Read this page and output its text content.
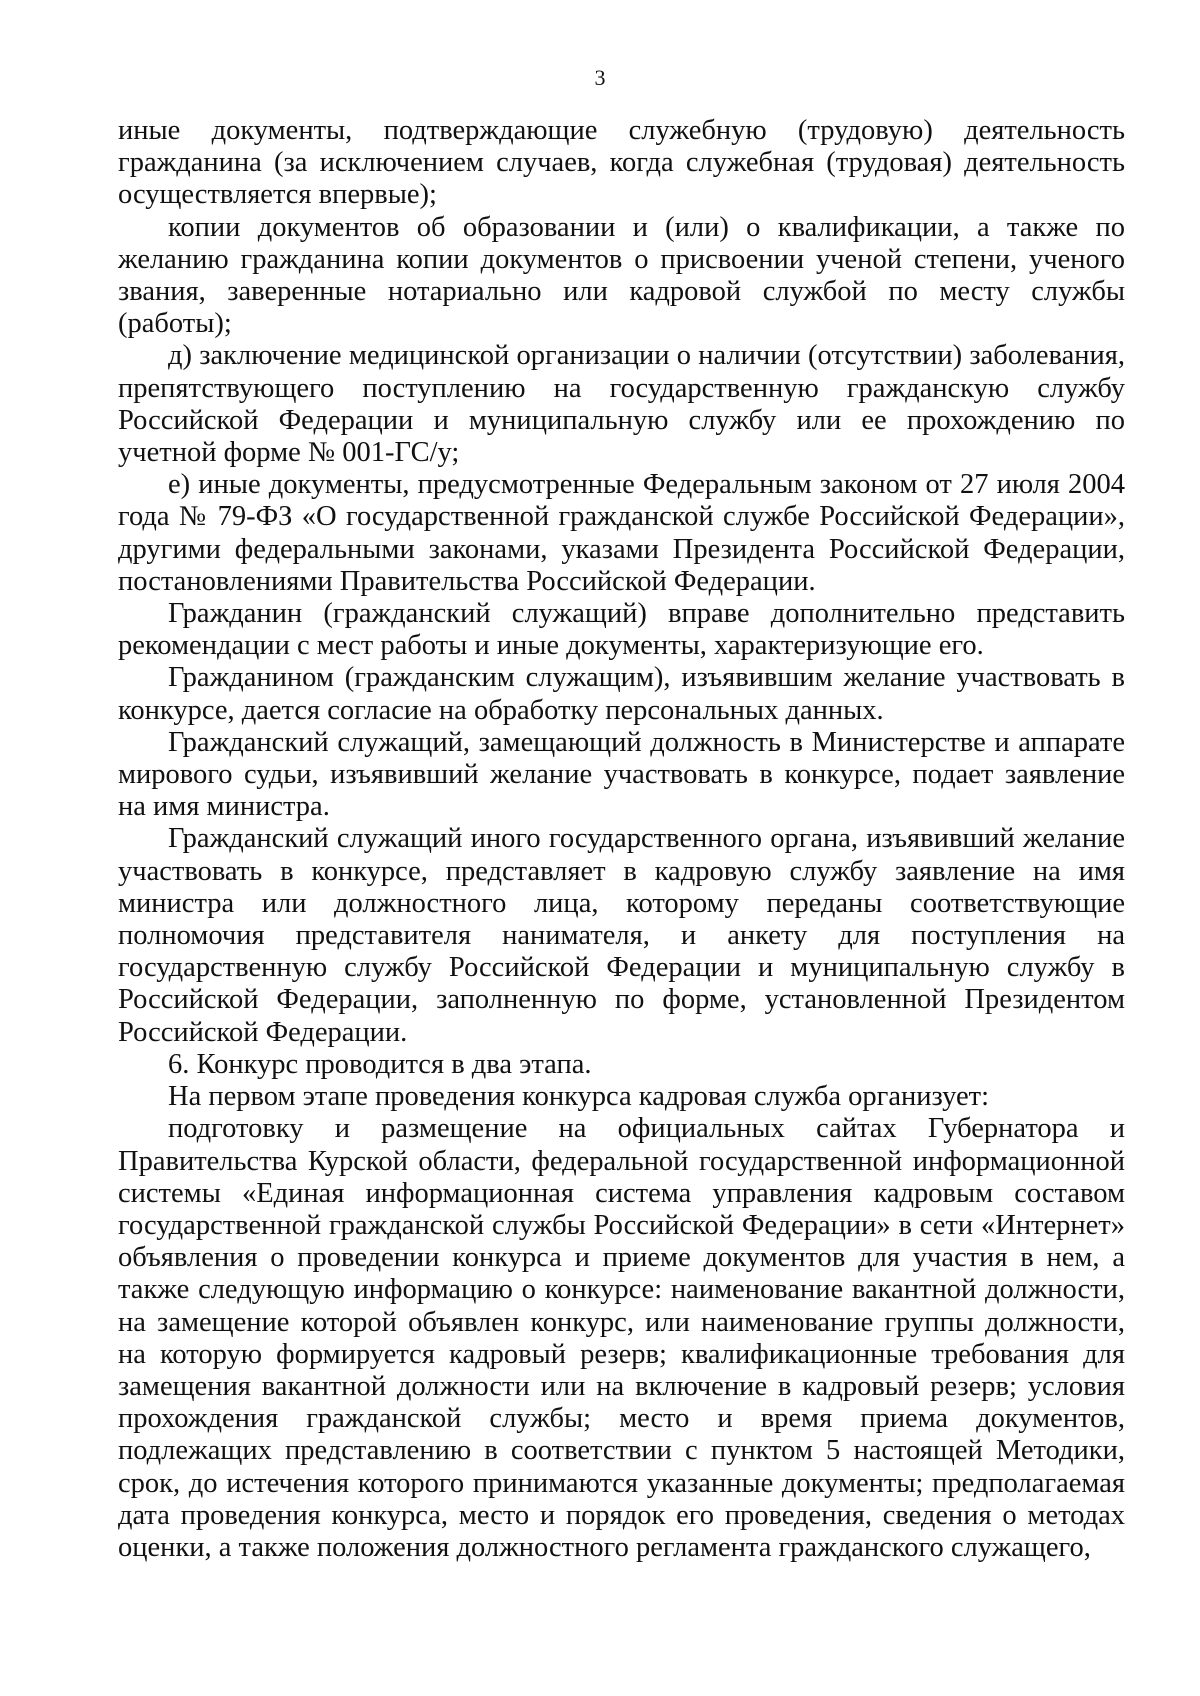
3

иные документы, подтверждающие служебную (трудовую) деятельность гражданина (за исключением случаев, когда служебная (трудовая) деятельность осуществляется впервые);

копии документов об образовании и (или) о квалификации, а также по желанию гражданина копии документов о присвоении ученой степени, ученого звания, заверенные нотариально или кадровой службой по месту службы (работы);

д) заключение медицинской организации о наличии (отсутствии) заболевания, препятствующего поступлению на государственную гражданскую службу Российской Федерации и муниципальную службу или ее прохождению по учетной форме № 001-ГС/у;

е) иные документы, предусмотренные Федеральным законом от 27 июля 2004 года № 79-ФЗ «О государственной гражданской службе Российской Федерации», другими федеральными законами, указами Президента Российской Федерации, постановлениями Правительства Российской Федерации.

Гражданин (гражданский служащий) вправе дополнительно представить рекомендации с мест работы и иные документы, характеризующие его.

Гражданином (гражданским служащим), изъявившим желание участвовать в конкурсе, дается согласие на обработку персональных данных.

Гражданский служащий, замещающий должность в Министерстве и аппарате мирового судьи, изъявивший желание участвовать в конкурсе, подает заявление на имя министра.

Гражданский служащий иного государственного органа, изъявивший желание участвовать в конкурсе, представляет в кадровую службу заявление на имя министра или должностного лица, которому переданы соответствующие полномочия представителя нанимателя, и анкету для поступления на государственную службу Российской Федерации и муниципальную службу в Российской Федерации, заполненную по форме, установленной Президентом Российской Федерации.

6. Конкурс проводится в два этапа.

На первом этапе проведения конкурса кадровая служба организует:

подготовку и размещение на официальных сайтах Губернатора и Правительства Курской области, федеральной государственной информационной системы «Единая информационная система управления кадровым составом государственной гражданской службы Российской Федерации» в сети «Интернет» объявления о проведении конкурса и приеме документов для участия в нем, а также следующую информацию о конкурсе: наименование вакантной должности, на замещение которой объявлен конкурс, или наименование группы должности, на которую формируется кадровый резерв; квалификационные требования для замещения вакантной должности или на включение в кадровый резерв; условия прохождения гражданской службы; место и время приема документов, подлежащих представлению в соответствии с пунктом 5 настоящей Методики, срок, до истечения которого принимаются указанные документы; предполагаемая дата проведения конкурса, место и порядок его проведения, сведения о методах оценки, а также положения должностного регламента гражданского служащего,
